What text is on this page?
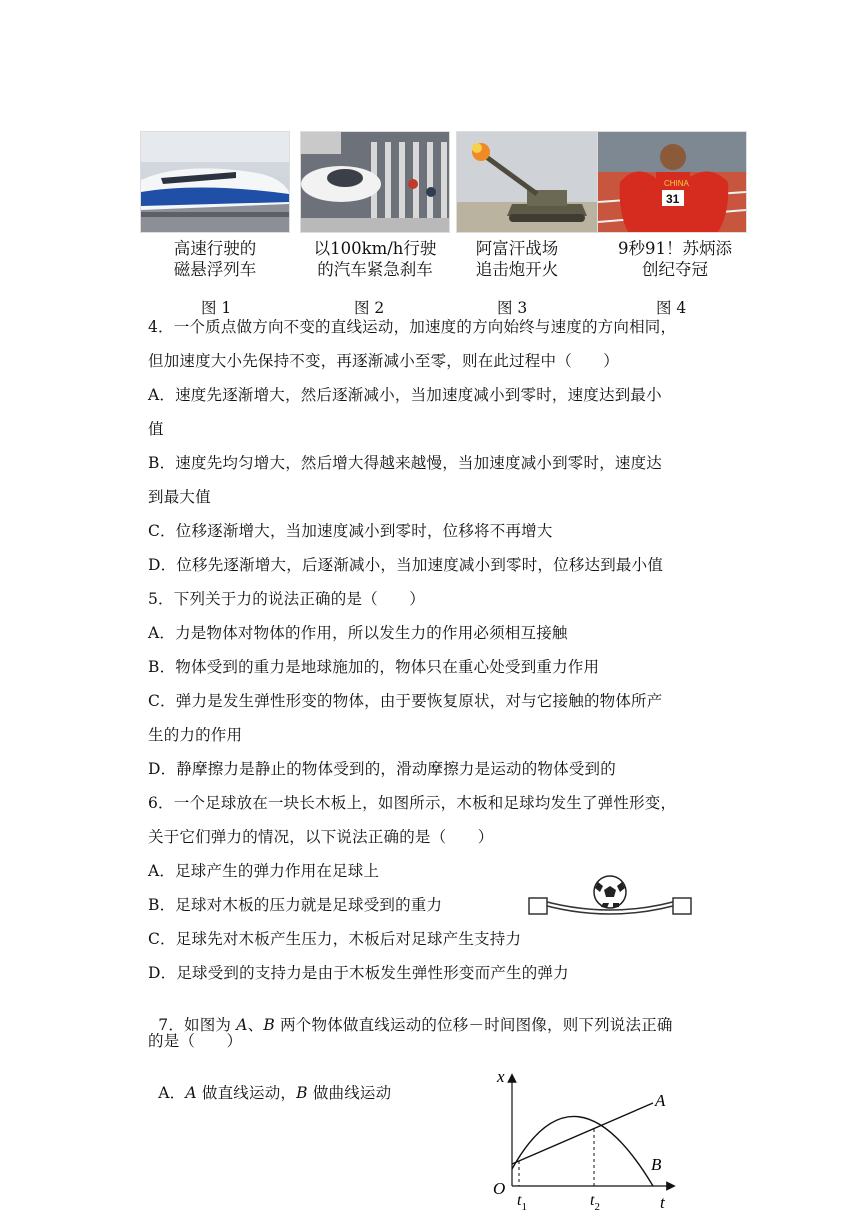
CHINA
31
高速行驶的
磁悬浮列车
以100km/h行驶
的汽车紧急刹车
阿富汗战场
追击炮开火
9秒91！苏炳添
创纪夺冠
图 1	图 2	图 3	图 4
4．一个质点做方向不变的直线运动，加速度的方向始终与速度的方向相同，
但加速度大小先保持不变，再逐渐减小至零，则在此过程中（　　）
A．速度先逐渐增大，然后逐渐减小，当加速度减小到零时，速度达到最小
值
B．速度先均匀增大，然后增大得越来越慢，当加速度减小到零时，速度达
到最大值
C．位移逐渐增大，当加速度减小到零时，位移将不再增大
D．位移先逐渐增大，后逐渐减小，当加速度减小到零时，位移达到最小值
5．下列关于力的说法正确的是（　　）
A．力是物体对物体的作用，所以发生力的作用必须相互接触
B．物体受到的重力是地球施加的，物体只在重心处受到重力作用
C．弹力是发生弹性形变的物体，由于要恢复原状，对与它接触的物体所产
生的力的作用
D．静摩擦力是静止的物体受到的，滑动摩擦力是运动的物体受到的
6．一个足球放在一块长木板上，如图所示，木板和足球均发生了弹性形变，
关于它们弹力的情况，以下说法正确的是（　　）
A．足球产生的弹力作用在足球上
B．足球对木板的压力就是足球受到的重力
C．足球先对木板产生压力，木板后对足球产生支持力
D．足球受到的支持力是由于木板发生弹性形变而产生的弹力

7．如图为 A、B 两个物体做直线运动的位移－时间图像，则下列说法正确

的是（　　）

A．A 做直线运动，B 做曲线运动

x
t
O
A
B
$t_1$	$t_2$
